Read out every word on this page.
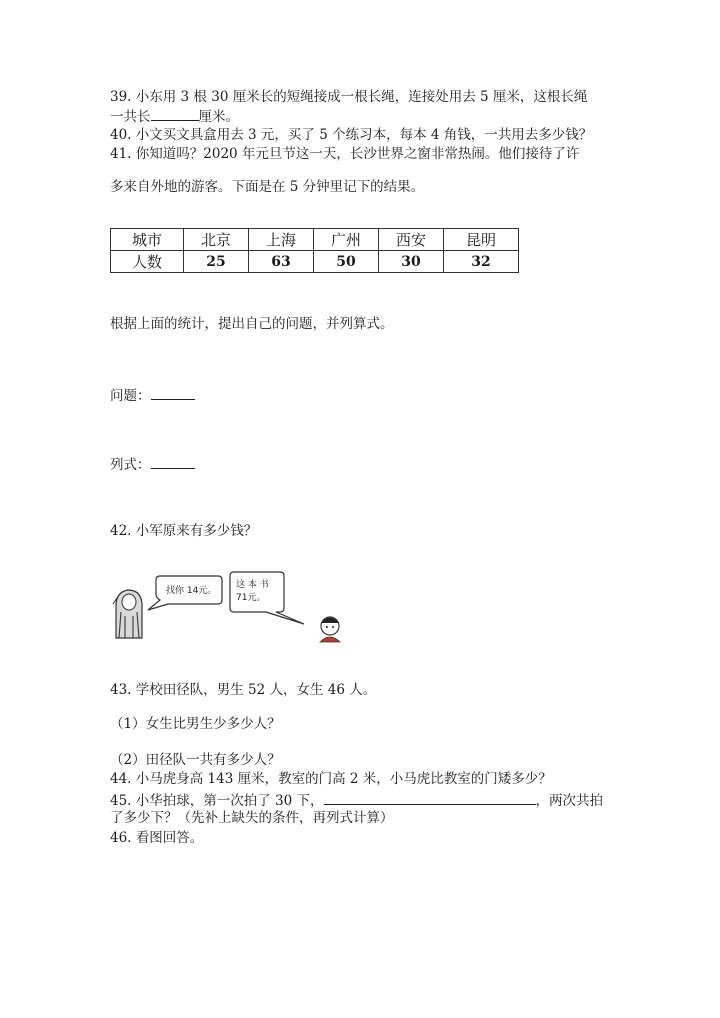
39. 小东用 3 根 30 厘米长的短绳接成一根长绳，连接处用去 5 厘米，这根长绳
一共长	厘米。
40. 小文买文具盒用去 3 元，买了 5 个练习本，每本 4 角钱，一共用去多少钱？
41. 你知道吗？2020 年元旦节这一天，长沙世界之窗非常热闹。他们接待了许
多来自外地的游客。下面是在 5 分钟里记下的结果。
城市	北京	上海	广州	西安	昆明
人数	25	63	50	30	32
根据上面的统计，提出自己的问题，并列算式。
问题：
列式：
42. 小军原来有多少钱？
找你 14元。
这 本 书
71元。
43. 学校田径队，男生 52 人，女生 46 人。
（1）女生比男生少多少人？
（2）田径队一共有多少人？
44. 小马虎身高 143 厘米，教室的门高 2 米，小马虎比教室的门矮多少？
45. 小华拍球，第一次拍了 30 下，	，两次共拍
了多少下？（先补上缺失的条件，再列式计算）
46. 看图回答。
